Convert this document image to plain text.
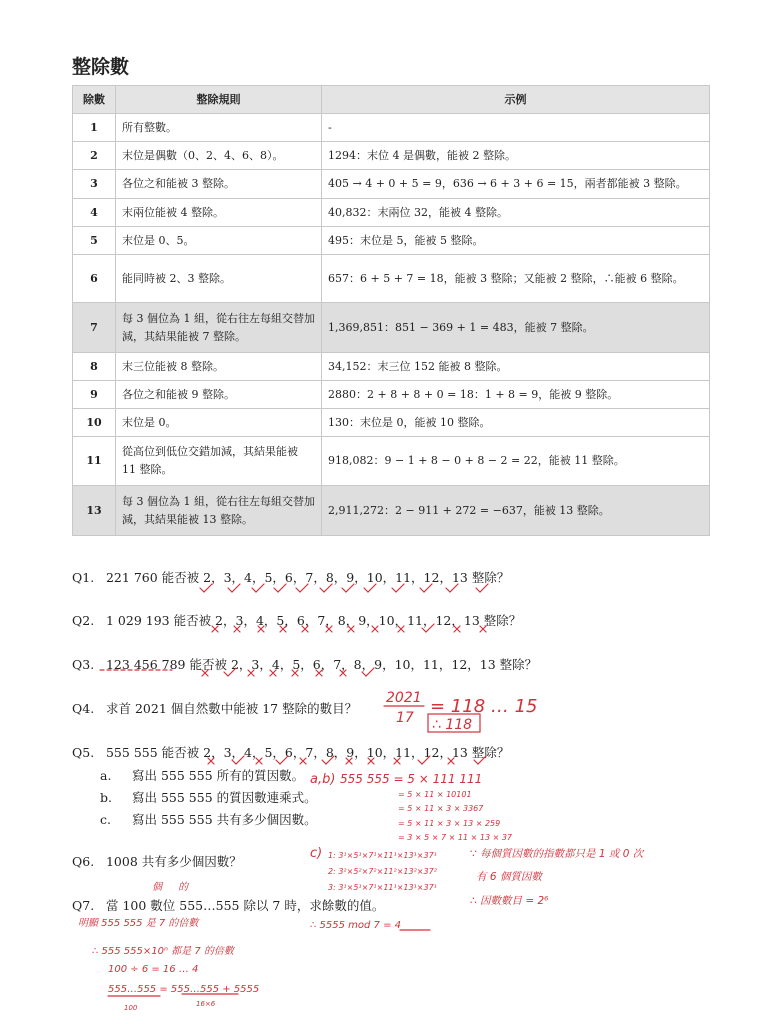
整除數
除數	整除規則	示例
1	所有整數。	-
2	末位是偶數（0、2、4、6、8）。	1294：末位 4 是偶數，能被 2 整除。
3	各位之和能被 3 整除。	405 → 4 + 0 + 5 = 9，636 → 6 + 3 + 6 = 15，兩者都能被 3 整除。
4	末兩位能被 4 整除。	40,832：末兩位 32，能被 4 整除。
5	末位是 0、5。	495：末位是 5，能被 5 整除。
6	能同時被 2、3 整除。	657：6 + 5 + 7 = 18，能被 3 整除；又能被 2 整除，∴能被 6 整除。
7	每 3 個位為 1 組，從右往左每組交替加減，其結果能被 7 整除。	1,369,851：851 − 369 + 1 = 483，能被 7 整除。
8	末三位能被 8 整除。	34,152：末三位 152 能被 8 整除。
9	各位之和能被 9 整除。	2880：2 + 8 + 8 + 0 = 18：1 + 8 = 9，能被 9 整除。
10	末位是 0。	130：末位是 0，能被 10 整除。
11	從高位到低位交錯加減，其結果能被 11 整除。	918,082：9 − 1 + 8 − 0 + 8 − 2 = 22，能被 11 整除。
13	每 3 個位為 1 組，從右往左每組交替加減，其結果能被 13 整除。	2,911,272：2 − 911 + 272 = −637，能被 13 整除。
Q1. 221 760 能否被 2，3，4，5，6，7，8，9，10，11，12，13 整除？
Q2. 1 029 193 能否被 2，3，4，5，6，7，8，9，10，11，12，13 整除？
Q3. 123 456 789 能否被 2，3，4，5，6，7，8，9，10，11，12，13 整除？
Q4. 求首 2021 個自然數中能被 17 整除的數目？
Q5. 555 555 能否被 2，3，4，5，6，7，8，9，10，11，12，13 整除？
a. 寫出 555 555 所有的質因數。
b. 寫出 555 555 的質因數連乘式。
c. 寫出 555 555 共有多少個因數。
Q6. 1008 共有多少個因數？
Q7. 當 100 數位 555…555 除以 7 時，求餘數的值。
2021
17
= 118 … 15
∴ 118
a,b) 555 555 = 5 × 111 111
= 5 × 11 × 10101
= 5 × 11 × 3 × 3367
= 5 × 11 × 3 × 13 × 259
= 3 × 5 × 7 × 11 × 13 × 37
1: 3¹×5¹×7¹×11¹×13¹×37¹
2: 3²×5²×7²×11²×13²×37²
3: 3¹×5¹×7¹×11¹×13¹×37¹
c)	∵ 每個質因數的指數都只是 1 或 0 次
有 6 個質因數
∴ 因數數目 = 2⁶
個 的
∴ 5555 mod 7 = 4
明顯 555 555 是 7 的倍數
∴ 555 555×10ⁿ 都是 7 的倍數
100 ÷ 6 = 16 … 4
555…555 = 555…555 + 5555
100	16×6
